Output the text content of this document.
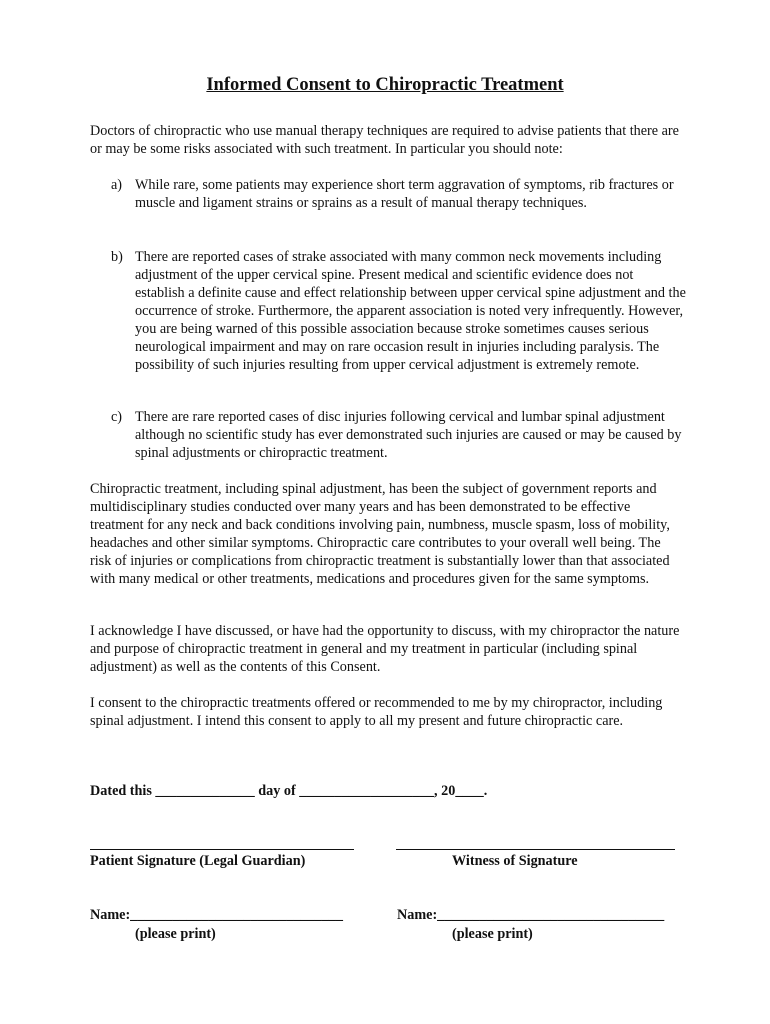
Informed Consent to Chiropractic Treatment

Doctors of chiropractic who use manual therapy techniques are required to advise patients that there are or may be some risks associated with such treatment. In particular you should note:

a) While rare, some patients may experience short term aggravation of symptoms, rib fractures or muscle and ligament strains or sprains as a result of manual therapy techniques.
b) There are reported cases of strake associated with many common neck movements including adjustment of the upper cervical spine. Present medical and scientific evidence does not establish a definite cause and effect relationship between upper cervical spine adjustment and the occurrence of stroke. Furthermore, the apparent association is noted very infrequently. However, you are being warned of this possible association because stroke sometimes causes serious neurological impairment and may on rare occasion result in injuries including paralysis. The possibility of such injuries resulting from upper cervical adjustment is extremely remote.
c) There are rare reported cases of disc injuries following cervical and lumbar spinal adjustment although no scientific study has ever demonstrated such injuries are caused or may be caused by spinal adjustments or chiropractic treatment.

Chiropractic treatment, including spinal adjustment, has been the subject of government reports and multidisciplinary studies conducted over many years and has been demonstrated to be effective treatment for any neck and back conditions involving pain, numbness, muscle spasm, loss of mobility, headaches and other similar symptoms. Chiropractic care contributes to your overall well being. The risk of injuries or complications from chiropractic treatment is substantially lower than that associated with many medical or other treatments, medications and procedures given for the same symptoms.

I acknowledge I have discussed, or have had the opportunity to discuss, with my chiropractor the nature and purpose of chiropractic treatment in general and my treatment in particular (including spinal adjustment) as well as the contents of this Consent.

I consent to the chiropractic treatments offered or recommended to me by my chiropractor, including spinal adjustment. I intend this consent to apply to all my present and future chiropractic care.

Dated this ______________ day of ___________________, 20____.
Patient Signature (Legal Guardian)	Witness of Signature
Name:______________________________	Name:________________________________
(please print)	(please print)
